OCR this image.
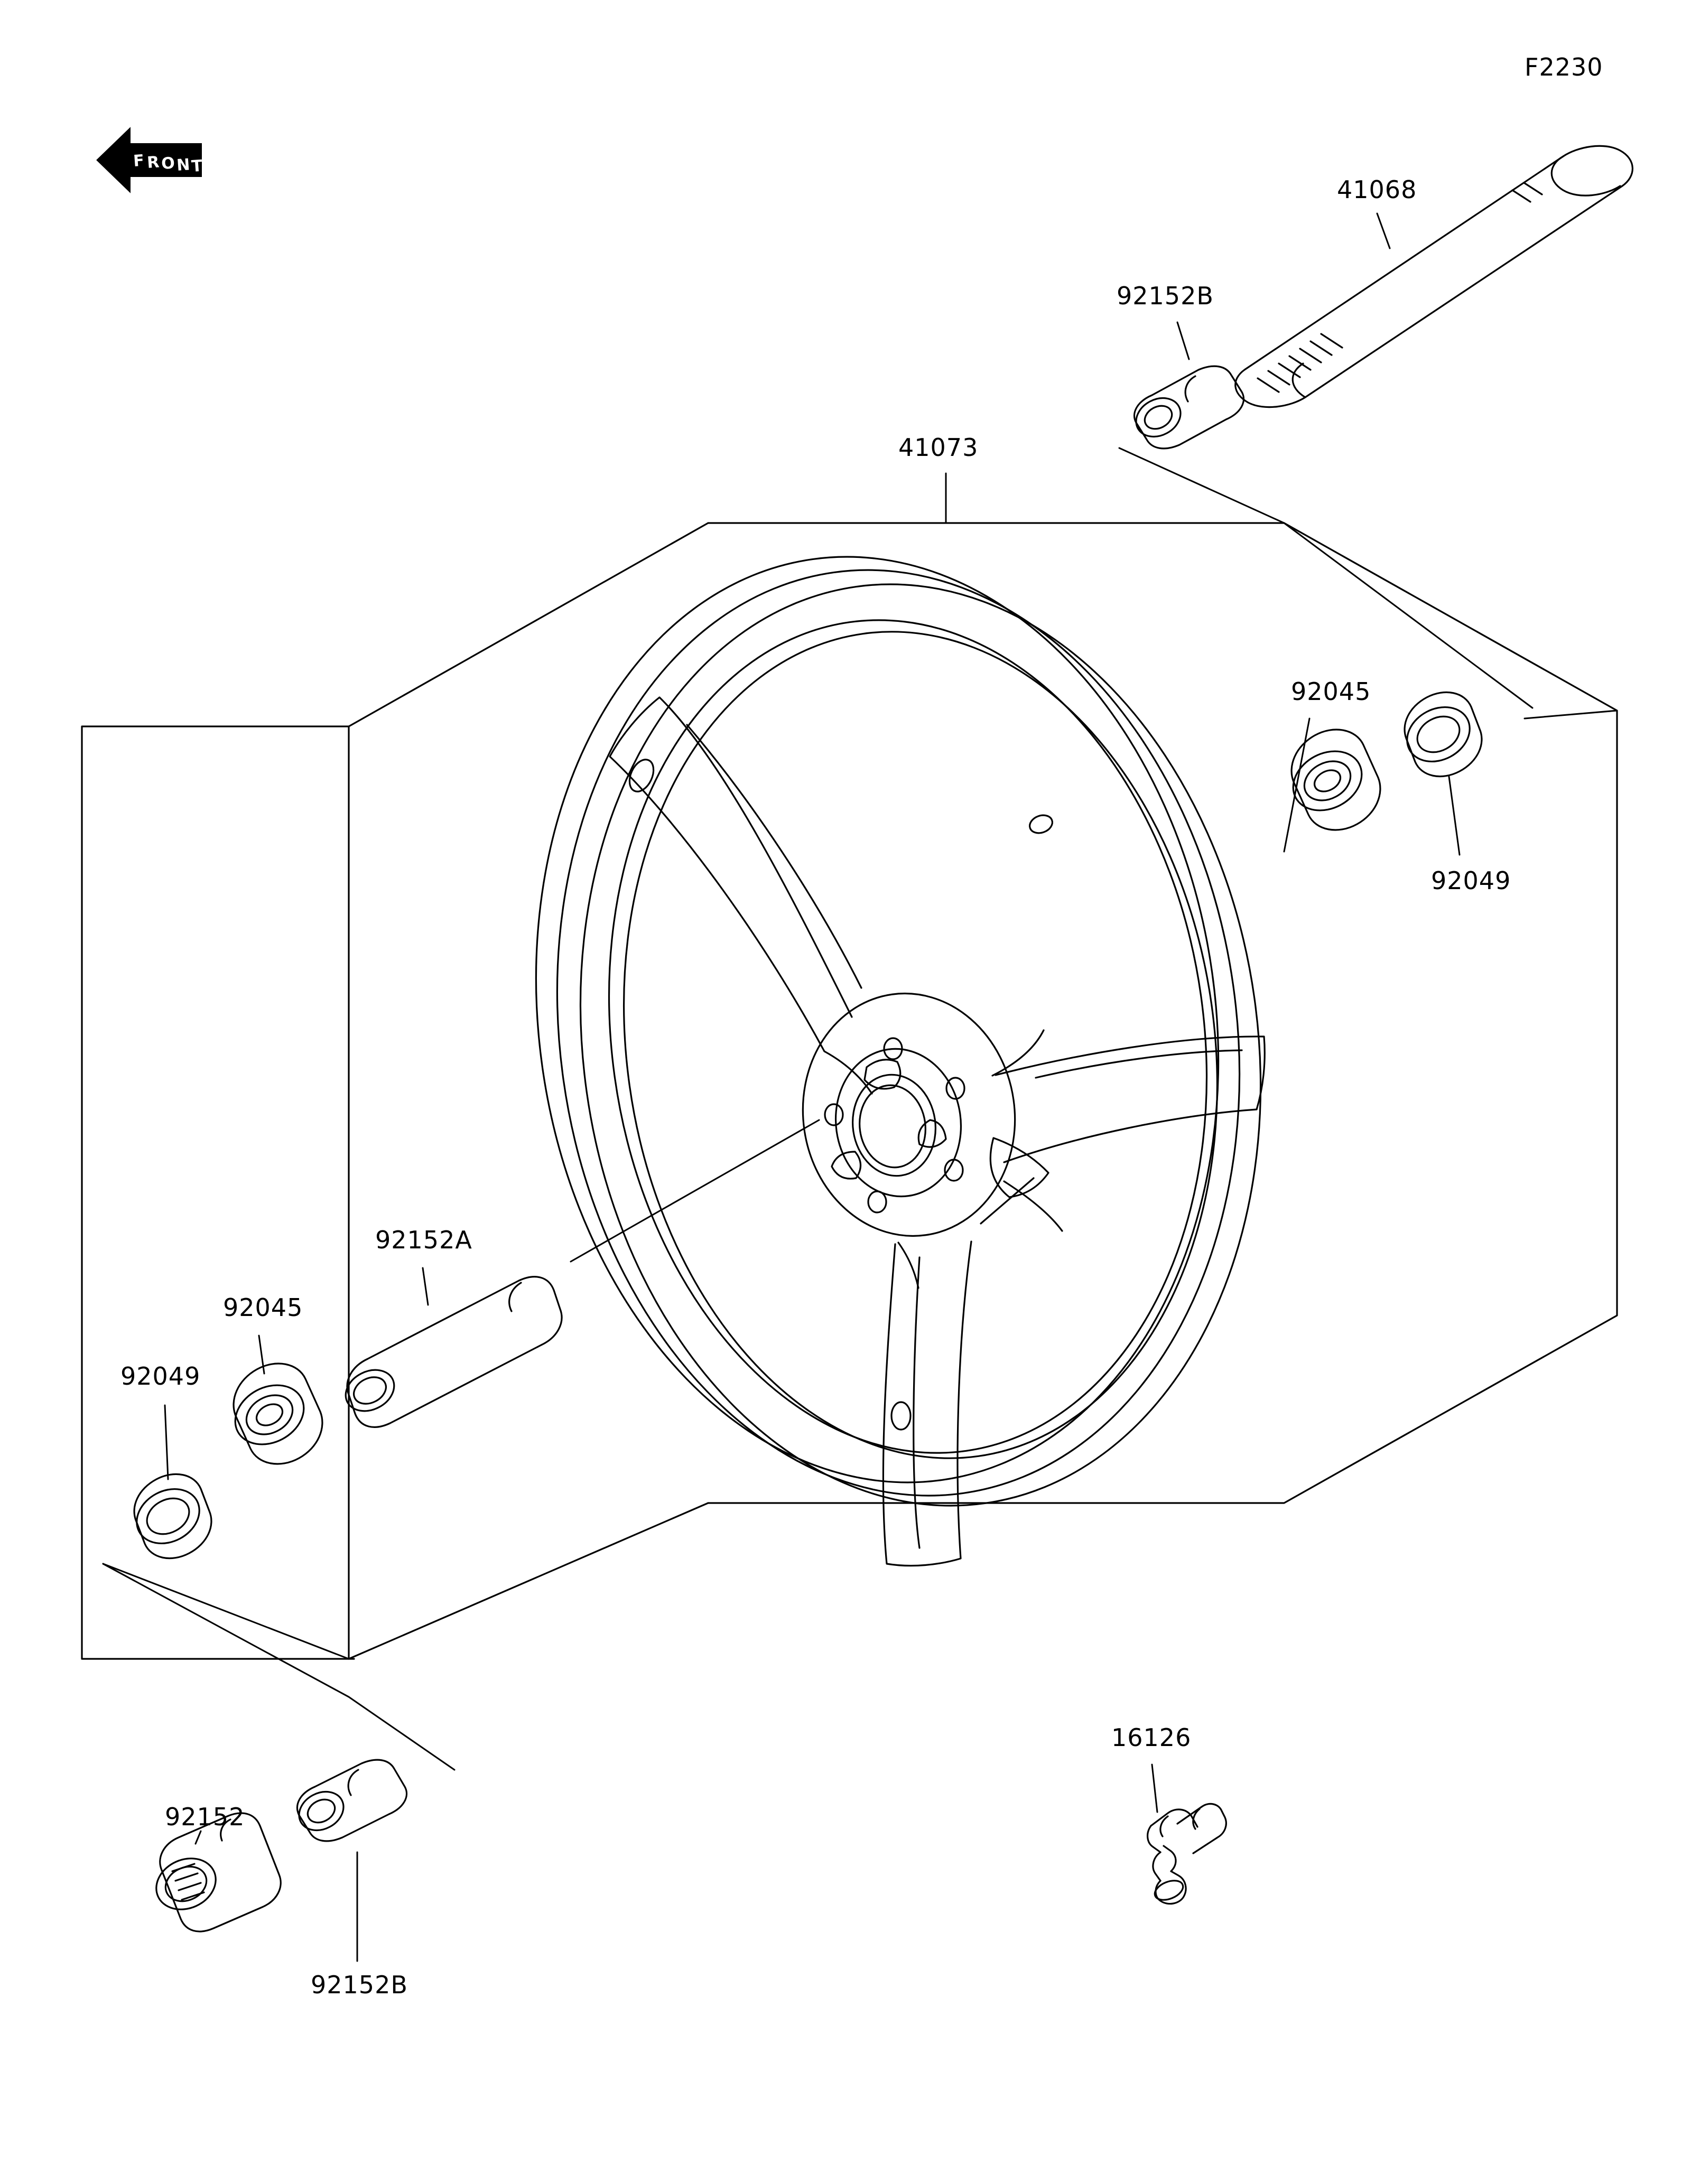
F2230
F R O N T
41068
92152B
41073
92045
92049
92152A
92045
92049
92152
92152B
16126
